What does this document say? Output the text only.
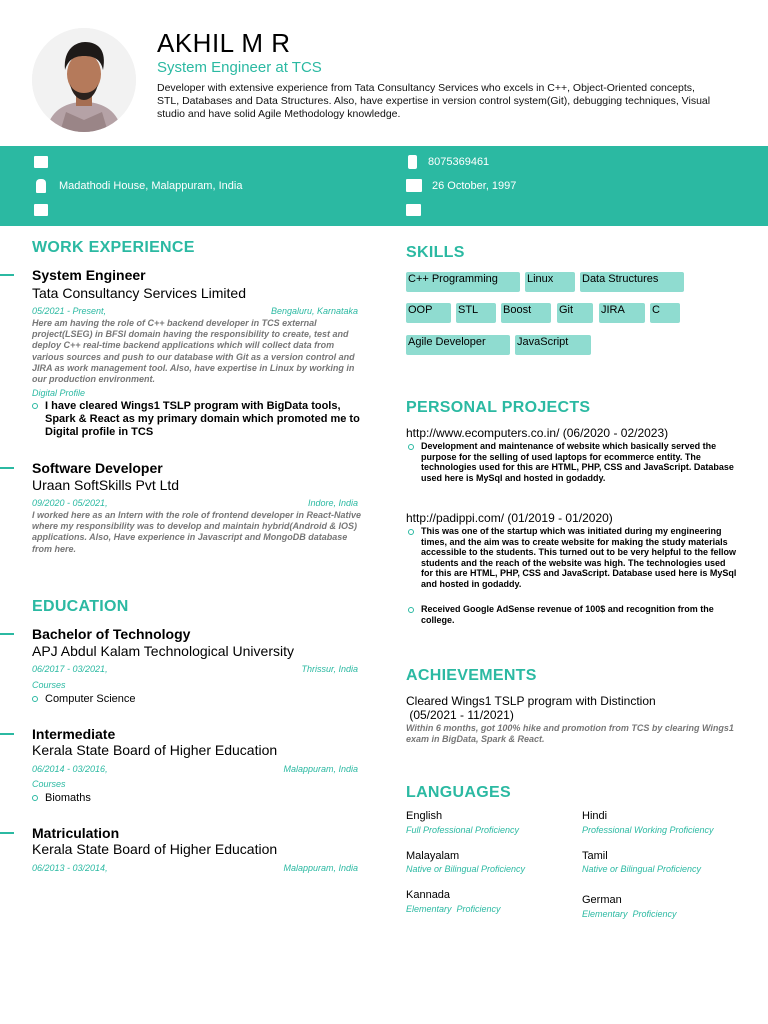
AKHIL M R
System Engineer at TCS
Developer with extensive experience from Tata Consultancy Services who excels in C++, Object-Oriented concepts, STL, Databases and Data Structures. Also, have expertise in version control system(Git), debugging techniques, Visual studio and have solid Agile Methodology knowledge.
Madathodi House, Malappuram, India
8075369461
26 October, 1997
WORK EXPERIENCE
System Engineer
Tata Consultancy Services Limited
05/2021 - Present,	Bengaluru, Karnataka
Here am having the role of C++ backend developer in TCS external project(LSEG) in BFSI domain having the responsibility to create, test and deploy C++ real-time backend applications which will collect data from various sources and push to our database with Git as a version control and JIRA as work management tool. Also, have expertise in Linux by working in our production environment.
Digital Profile
I have cleared Wings1 TSLP program with BigData tools, Spark & React as my primary domain which promoted me to Digital profile in TCS
Software Developer
Uraan SoftSkills Pvt Ltd
09/2020 - 05/2021,	Indore, India
I worked here as an Intern with the role of frontend developer in React-Native where my responsibility was to develop and maintain hybrid(Android & IOS) applications. Also, Have experience in Javascript and MongoDB database from here.
EDUCATION
Bachelor of Technology
APJ Abdul Kalam Technological University
06/2017 - 03/2021,	Thrissur, India
Courses
Computer Science
Intermediate
Kerala State Board of Higher Education
06/2014 - 03/2016,	Malappuram, India
Courses
Biomaths
Matriculation
Kerala State Board of Higher Education
06/2013 - 03/2014,	Malappuram, India
SKILLS
C++ Programming	Linux	Data Structures
OOP	STL	Boost	Git	JIRA	C
Agile Developer	JavaScript
PERSONAL PROJECTS
http://www.ecomputers.co.in/ (06/2020 - 02/2023)
Development and maintenance of website which basically served the purpose for the selling of used laptops for ecommerce entity. The technologies used for this are HTML, PHP, CSS and JavaScript. Database used here is MySql and hosted in godaddy.
http://padippi.com/ (01/2019 - 01/2020)
This was one of the startup which was initiated during my engineering times, and the aim was to create website for making the study materials accessible to the students. This turned out to be very helpful to the fellow students and the reach of the website was high. The technologies used for this are HTML, PHP, CSS and JavaScript. Database used here is MySql and hosted in godaddy.
Received Google AdSense revenue of 100$ and recognition from the college.
ACHIEVEMENTS
Cleared Wings1 TSLP program with Distinction
(05/2021 - 11/2021)
Within 6 months, got 100% hike and promotion from TCS by clearing Wings1 exam in BigData, Spark & React.
LANGUAGES
English
Full Professional Proficiency
Hindi
Professional Working Proficiency
Malayalam
Native or Bilingual Proficiency
Tamil
Native or Bilingual Proficiency
Kannada
Elementary  Proficiency
German
Elementary  Proficiency
